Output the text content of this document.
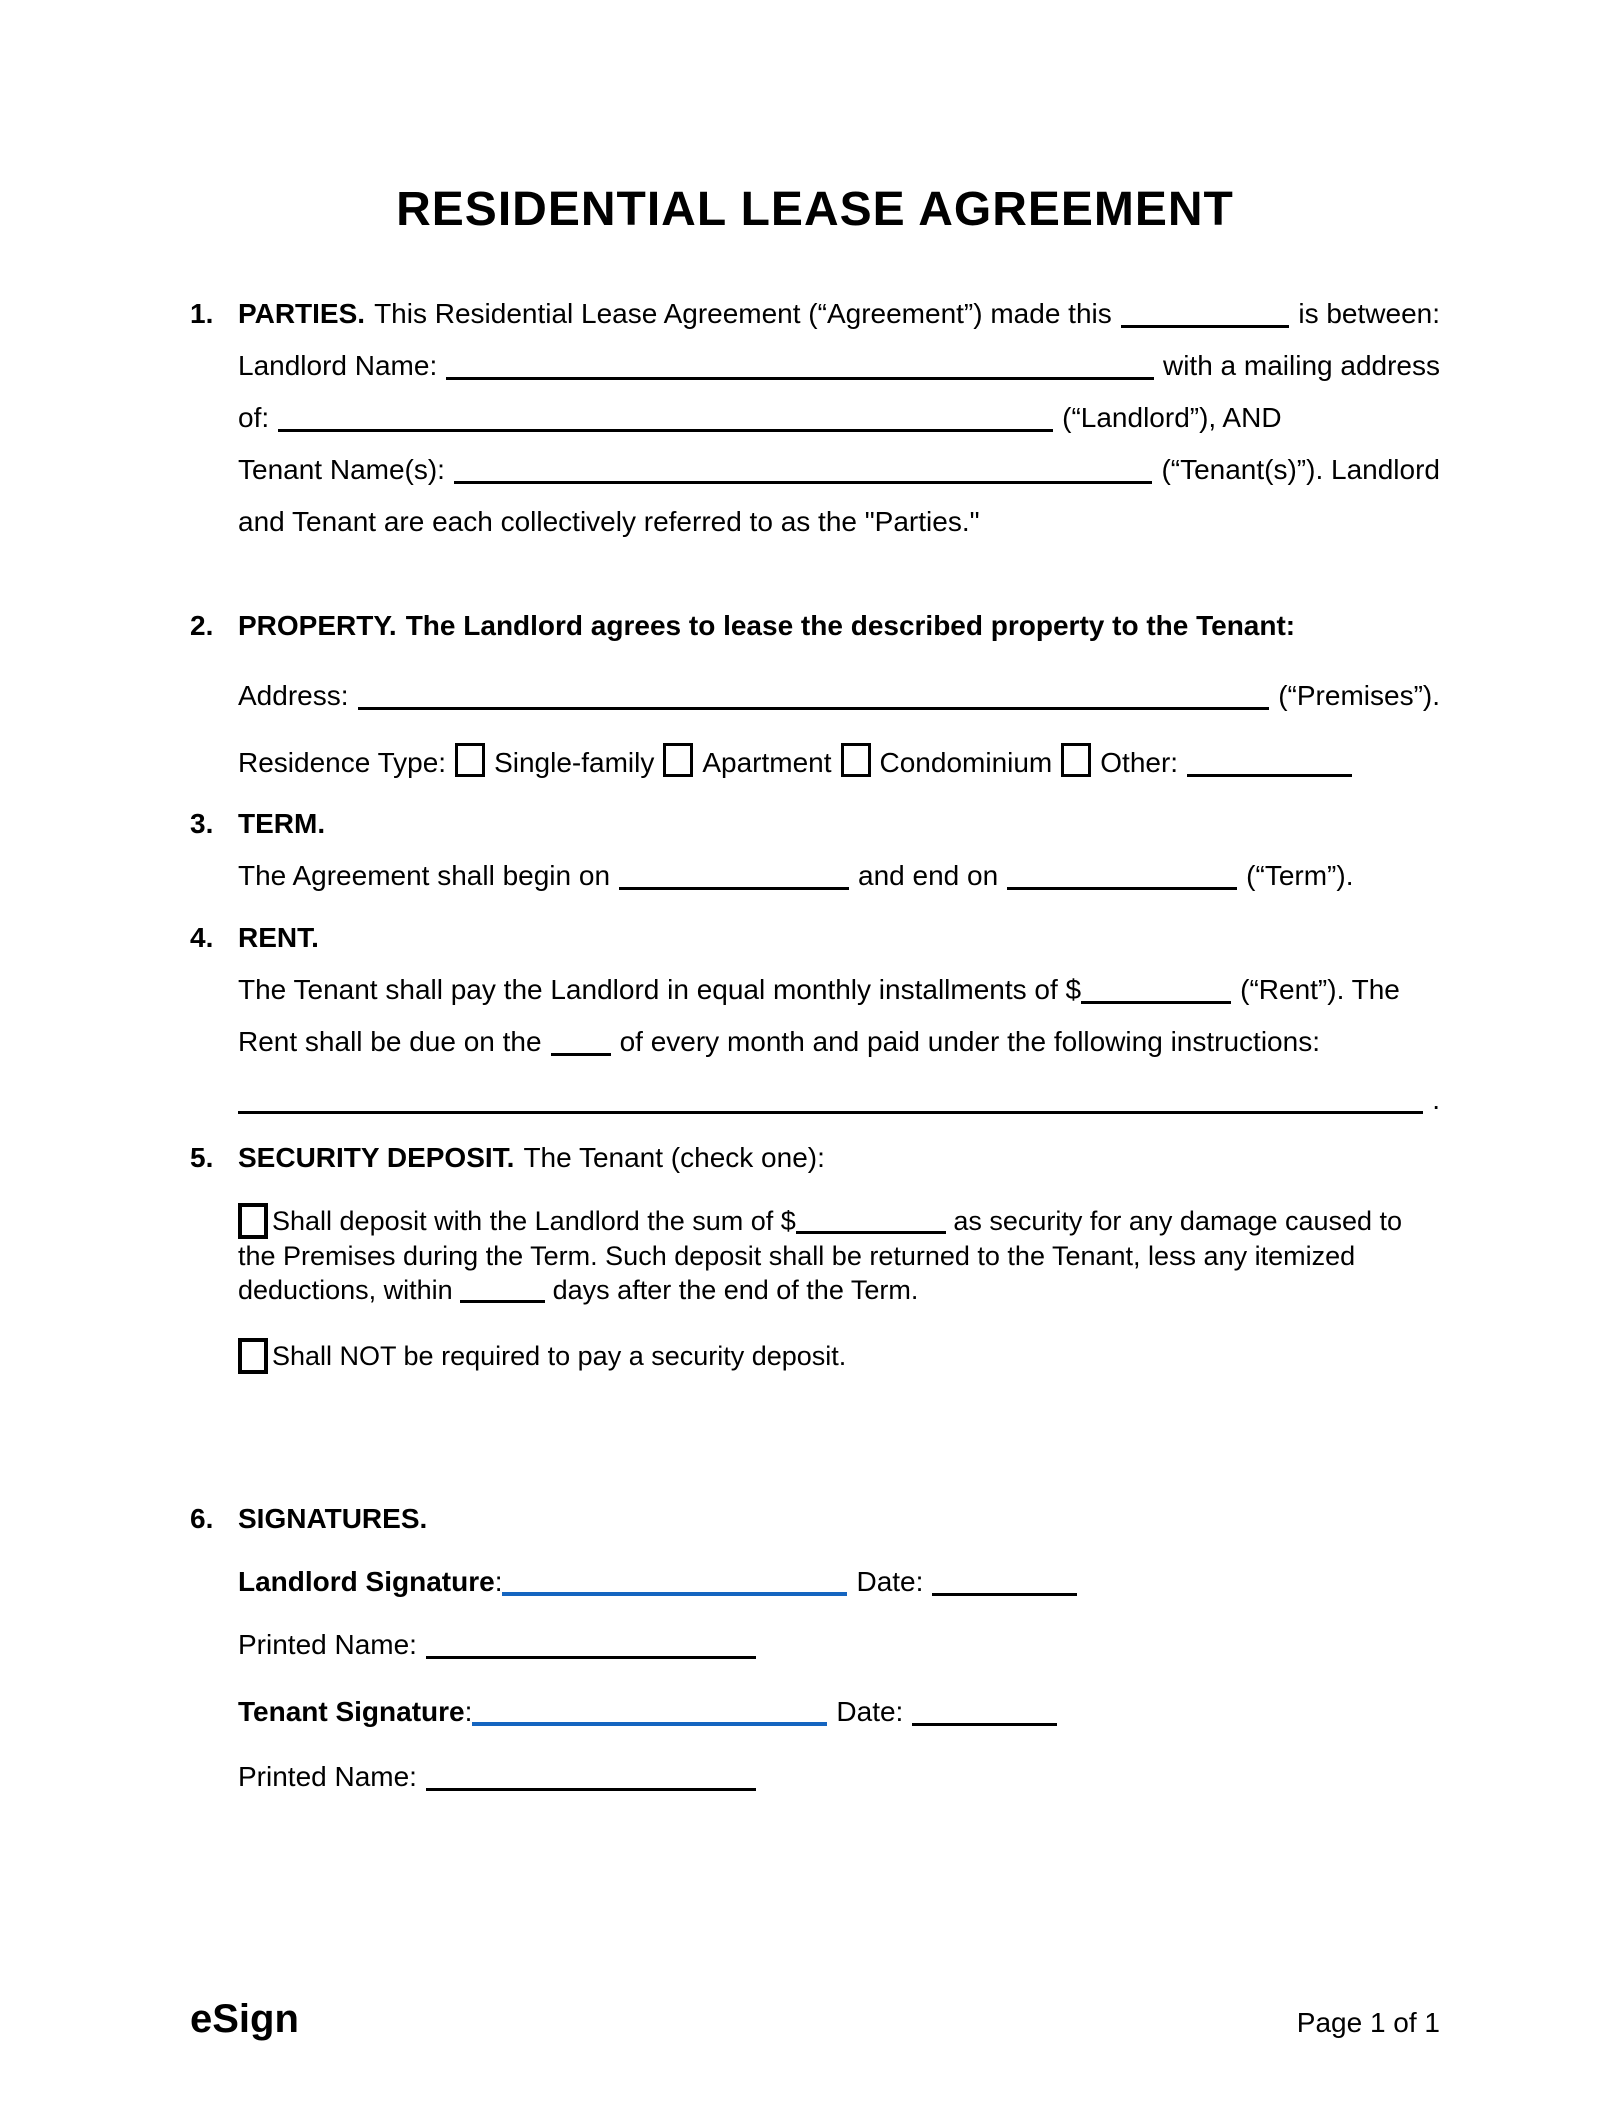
RESIDENTIAL LEASE AGREEMENT
1. PARTIES. This Residential Lease Agreement (“Agreement”) made this	is between:
Landlord Name:	with a mailing address
of:	(“Landlord”), AND
Tenant Name(s):	(“Tenant(s)”). Landlord
and Tenant are each collectively referred to as the "Parties."
2. PROPERTY. The Landlord agrees to lease the described property to the Tenant:
Address:	(“Premises”).
Residence Type: Single-family Apartment Condominium Other:
3. TERM.
The Agreement shall begin on	and end on	(“Term”).
4. RENT.
The Tenant shall pay the Landlord in equal monthly installments of $	(“Rent”). The
Rent shall be due on the	of every month and paid under the following instructions:
.
5. SECURITY DEPOSIT. The Tenant (check one):

Shall deposit with the Landlord the sum of $	as security for any damage caused to the Premises during the Term. Such deposit shall be returned to the Tenant, less any itemized deductions, within	days after the end of the Term.

Shall NOT be required to pay a security deposit.

6. SIGNATURES.
Landlord Signature:	Date:
Printed Name:
Tenant Signature:	Date:
Printed Name:
eSign	Page 1 of 1
